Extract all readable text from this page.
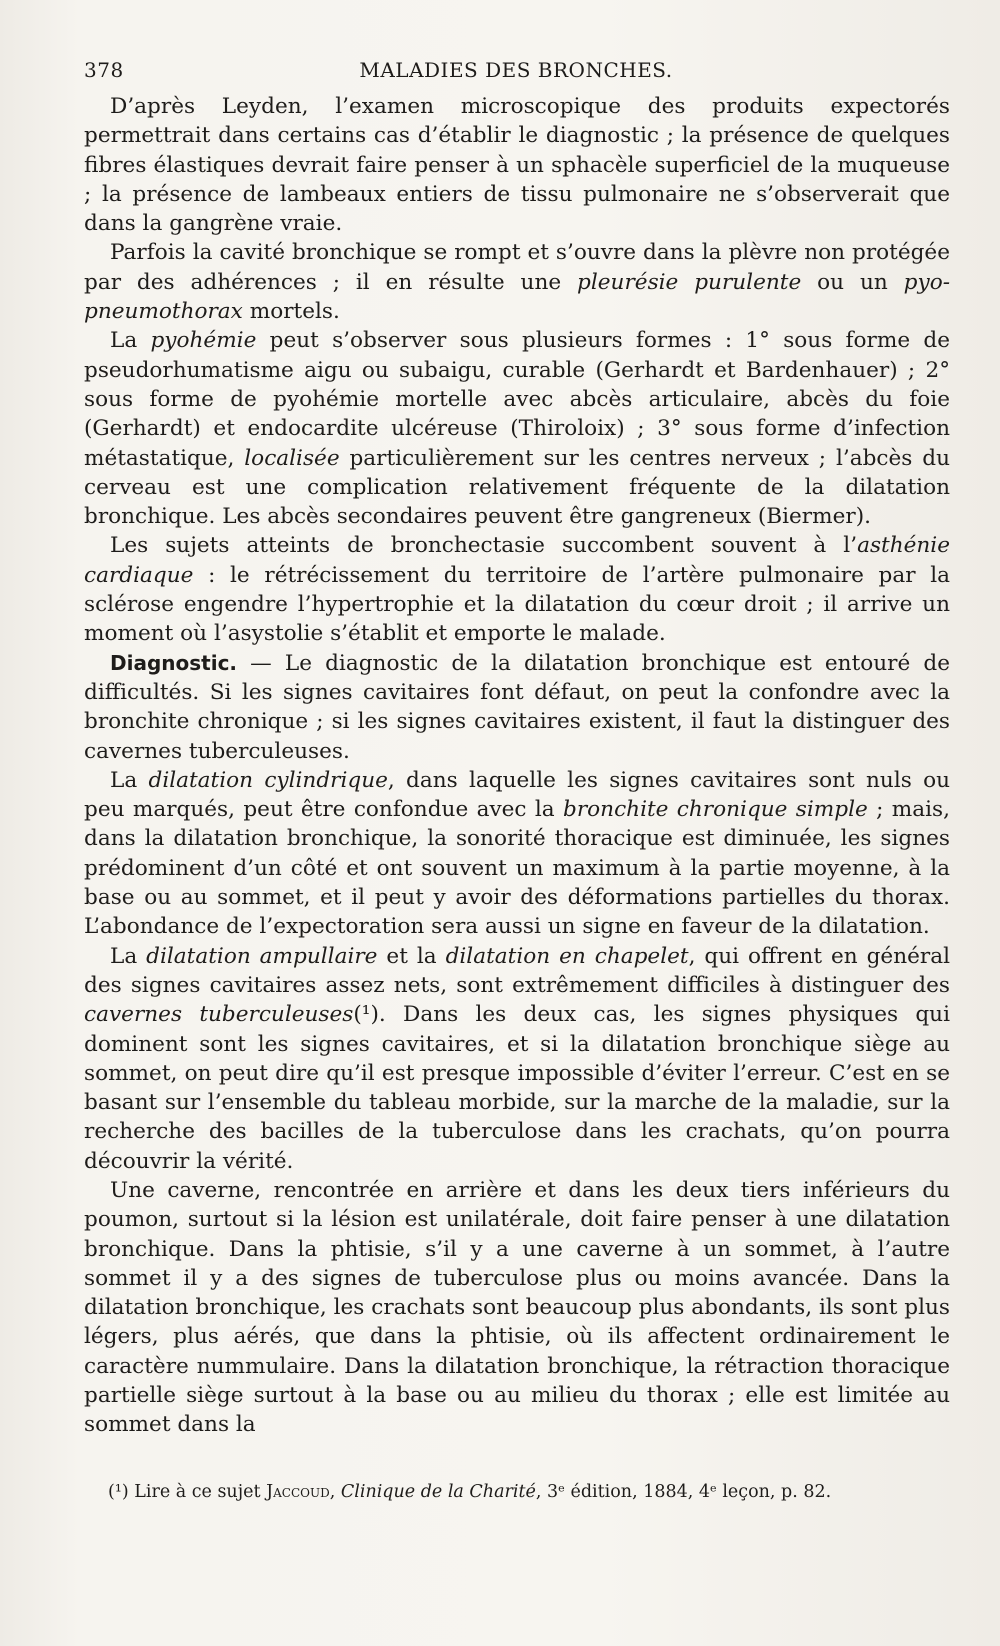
378	MALADIES DES BRONCHES.

D’après Leyden, l’examen microscopique des produits expectorés permettrait dans certains cas d’établir le diagnostic ; la présence de quelques fibres élastiques devrait faire penser à un sphacèle superficiel de la muqueuse ; la présence de lambeaux entiers de tissu pulmonaire ne s’observerait que dans la gangrène vraie.

Parfois la cavité bronchique se rompt et s’ouvre dans la plèvre non protégée par des adhérences ; il en résulte une pleurésie purulente ou un pyo-pneumothorax mortels.

La pyohémie peut s’observer sous plusieurs formes : 1° sous forme de pseudorhumatisme aigu ou subaigu, curable (Gerhardt et Bardenhauer) ; 2° sous forme de pyohémie mortelle avec abcès articulaire, abcès du foie (Gerhardt) et endocardite ulcéreuse (Thiroloix) ; 3° sous forme d’infection métastatique, localisée particulièrement sur les centres nerveux ; l’abcès du cerveau est une complication relativement fréquente de la dilatation bronchique. Les abcès secondaires peuvent être gangreneux (Biermer).

Les sujets atteints de bronchectasie succombent souvent à l’asthénie cardiaque : le rétrécissement du territoire de l’artère pulmonaire par la sclérose engendre l’hypertrophie et la dilatation du cœur droit ; il arrive un moment où l’asystolie s’établit et emporte le malade.

Diagnostic. — Le diagnostic de la dilatation bronchique est entouré de difficultés. Si les signes cavitaires font défaut, on peut la confondre avec la bronchite chronique ; si les signes cavitaires existent, il faut la distinguer des cavernes tuberculeuses.

La dilatation cylindrique, dans laquelle les signes cavitaires sont nuls ou peu marqués, peut être confondue avec la bronchite chronique simple ; mais, dans la dilatation bronchique, la sonorité thoracique est diminuée, les signes prédominent d’un côté et ont souvent un maximum à la partie moyenne, à la base ou au sommet, et il peut y avoir des déformations partielles du thorax. L’abondance de l’expectoration sera aussi un signe en faveur de la dilatation.

La dilatation ampullaire et la dilatation en chapelet, qui offrent en général des signes cavitaires assez nets, sont extrêmement difficiles à distinguer des cavernes tuberculeuses(¹). Dans les deux cas, les signes physiques qui dominent sont les signes cavitaires, et si la dilatation bronchique siège au sommet, on peut dire qu’il est presque impossible d’éviter l’erreur. C’est en se basant sur l’ensemble du tableau morbide, sur la marche de la maladie, sur la recherche des bacilles de la tuberculose dans les crachats, qu’on pourra découvrir la vérité.

Une caverne, rencontrée en arrière et dans les deux tiers inférieurs du poumon, surtout si la lésion est unilatérale, doit faire penser à une dilatation bronchique. Dans la phtisie, s’il y a une caverne à un sommet, à l’autre sommet il y a des signes de tuberculose plus ou moins avancée. Dans la dilatation bronchique, les crachats sont beaucoup plus abondants, ils sont plus légers, plus aérés, que dans la phtisie, où ils affectent ordinairement le caractère nummulaire. Dans la dilatation bronchique, la rétraction thoracique partielle siège surtout à la base ou au milieu du thorax ; elle est limitée au sommet dans la

(¹) Lire à ce sujet Jaccoud, Clinique de la Charité, 3ᵉ édition, 1884, 4ᵉ leçon, p. 82.
